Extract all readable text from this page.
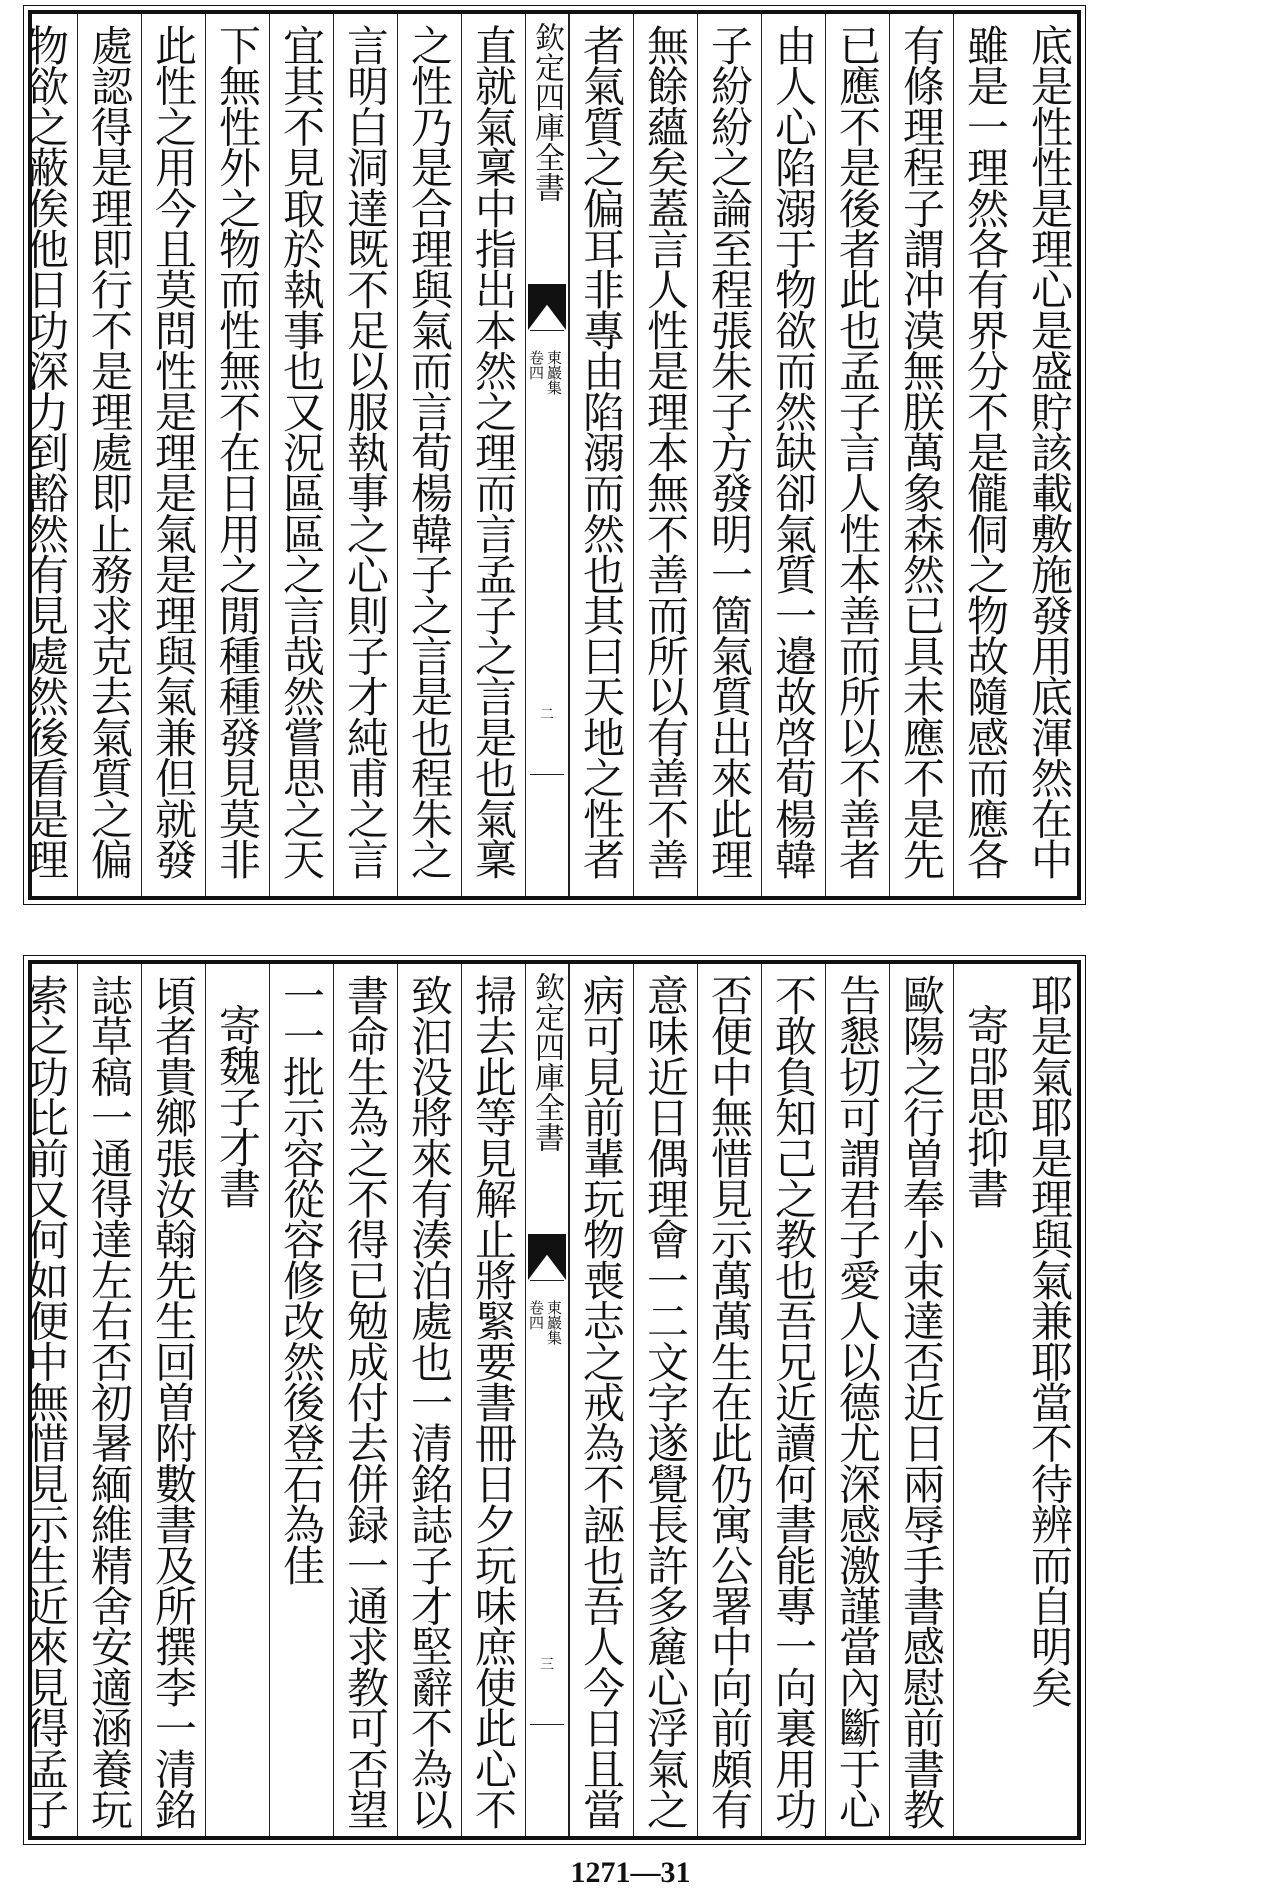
底是性性是理心是盛貯該載敷施發用底渾然在中
雖是一理然各有界分不是儱侗之物故隨感而應各
有條理程子謂冲漠無朕萬象森然已具未應不是先
已應不是後者此也孟子言人性本善而所以不善者
由人心陷溺于物欲而然缺卻氣質一邉故啓荀楊韓
子紛紛之論至程張朱子方發明一箇氣質出來此理
無餘蘊矣蓋言人性是理本無不善而所以有善不善
者氣質之偏耳非專由陷溺而然也其曰天地之性者
欽定四庫全書
東巖集
卷四
二
直就氣稟中指出本然之理而言孟子之言是也氣稟
之性乃是合理與氣而言荀楊韓子之言是也程朱之
言明白洞達既不足以服執事之心則子才純甫之言
宜其不見取於執事也又況區區之言哉然嘗思之天
下無性外之物而性無不在日用之閒種種發見莫非
此性之用今且莫問性是理是氣是理與氣兼但就發
處認得是理即行不是理處即止務求克去氣質之偏
物欲之蔽俟他日功深力到豁然有見處然後看是理
耶是氣耶是理與氣兼耶當不待辨而自明矣
寄郘思抑書
歐陽之行曽奉小束達否近日兩辱手書感慰前書教
告懇切可謂君子愛人以德尤深感激謹當內斷于心
不敢負知己之教也吾兄近讀何書能專一向裏用功
否便中無惜見示萬萬生在此仍寓公署中向前頗有
意味近日偶理會一二文字遂覺長許多麄心浮氣之
病可見前輩玩物喪志之戒為不誣也吾人今日且當
欽定四庫全書
東巖集
卷四
三
掃去此等見解止將緊要書冊日夕玩味庶使此心不
致汩没將來有湊泊處也一清銘誌子才堅辭不為以
書命生為之不得已勉成付去併録一通求教可否望
一一批示容從容修改然後登石為佳
寄魏子才書
頃者貴鄉張汝翰先生回曽附數書及所撰李一清銘
誌草稿一通得達左右否初暑緬維精舍安適涵養玩
索之功比前又何如便中無惜見示生近來見得孟子
1271—31
